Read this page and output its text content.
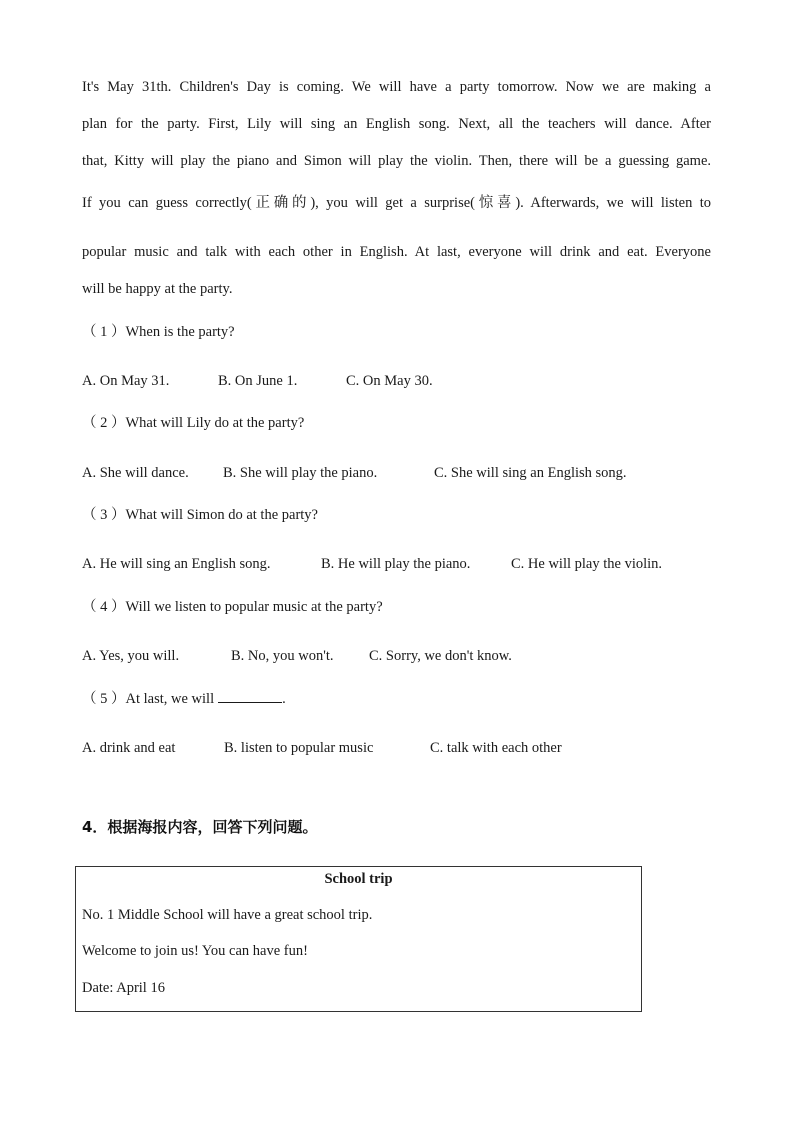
It's May 31th. Children's Day is coming. We will have a party tomorrow. Now we are making a
plan for the party. First, Lily will sing an English song. Next, all the teachers will dance. After
that, Kitty will play the piano and Simon will play the violin. Then, there will be a guessing game.
If you can guess correctly(正确的), you will get a surprise(惊喜). Afterwards, we will listen to
popular music and talk with each other in English. At last, everyone will drink and eat. Everyone
will be happy at the party.
（ 1 ）When is the party?
A. On May 31.	B. On June 1.	C. On May 30.
（ 2 ）What will Lily do at the party?
A. She will dance.	B. She will play the piano.	C. She will sing an English song.
（ 3 ）What will Simon do at the party?
A. He will sing an English song.	B. He will play the piano.	C. He will play the violin.
（ 4 ）Will we listen to popular music at the party?
A. Yes, you will.	B. No, you won't.	C. Sorry, we don't know.
（ 5 ）At last, we will	.
A. drink and eat	B. listen to popular music	C. talk with each other
4．根据海报内容，回答下列问题。
School trip
No. 1 Middle School will have a great school trip.
Welcome to join us! You can have fun!
Date: April 16
